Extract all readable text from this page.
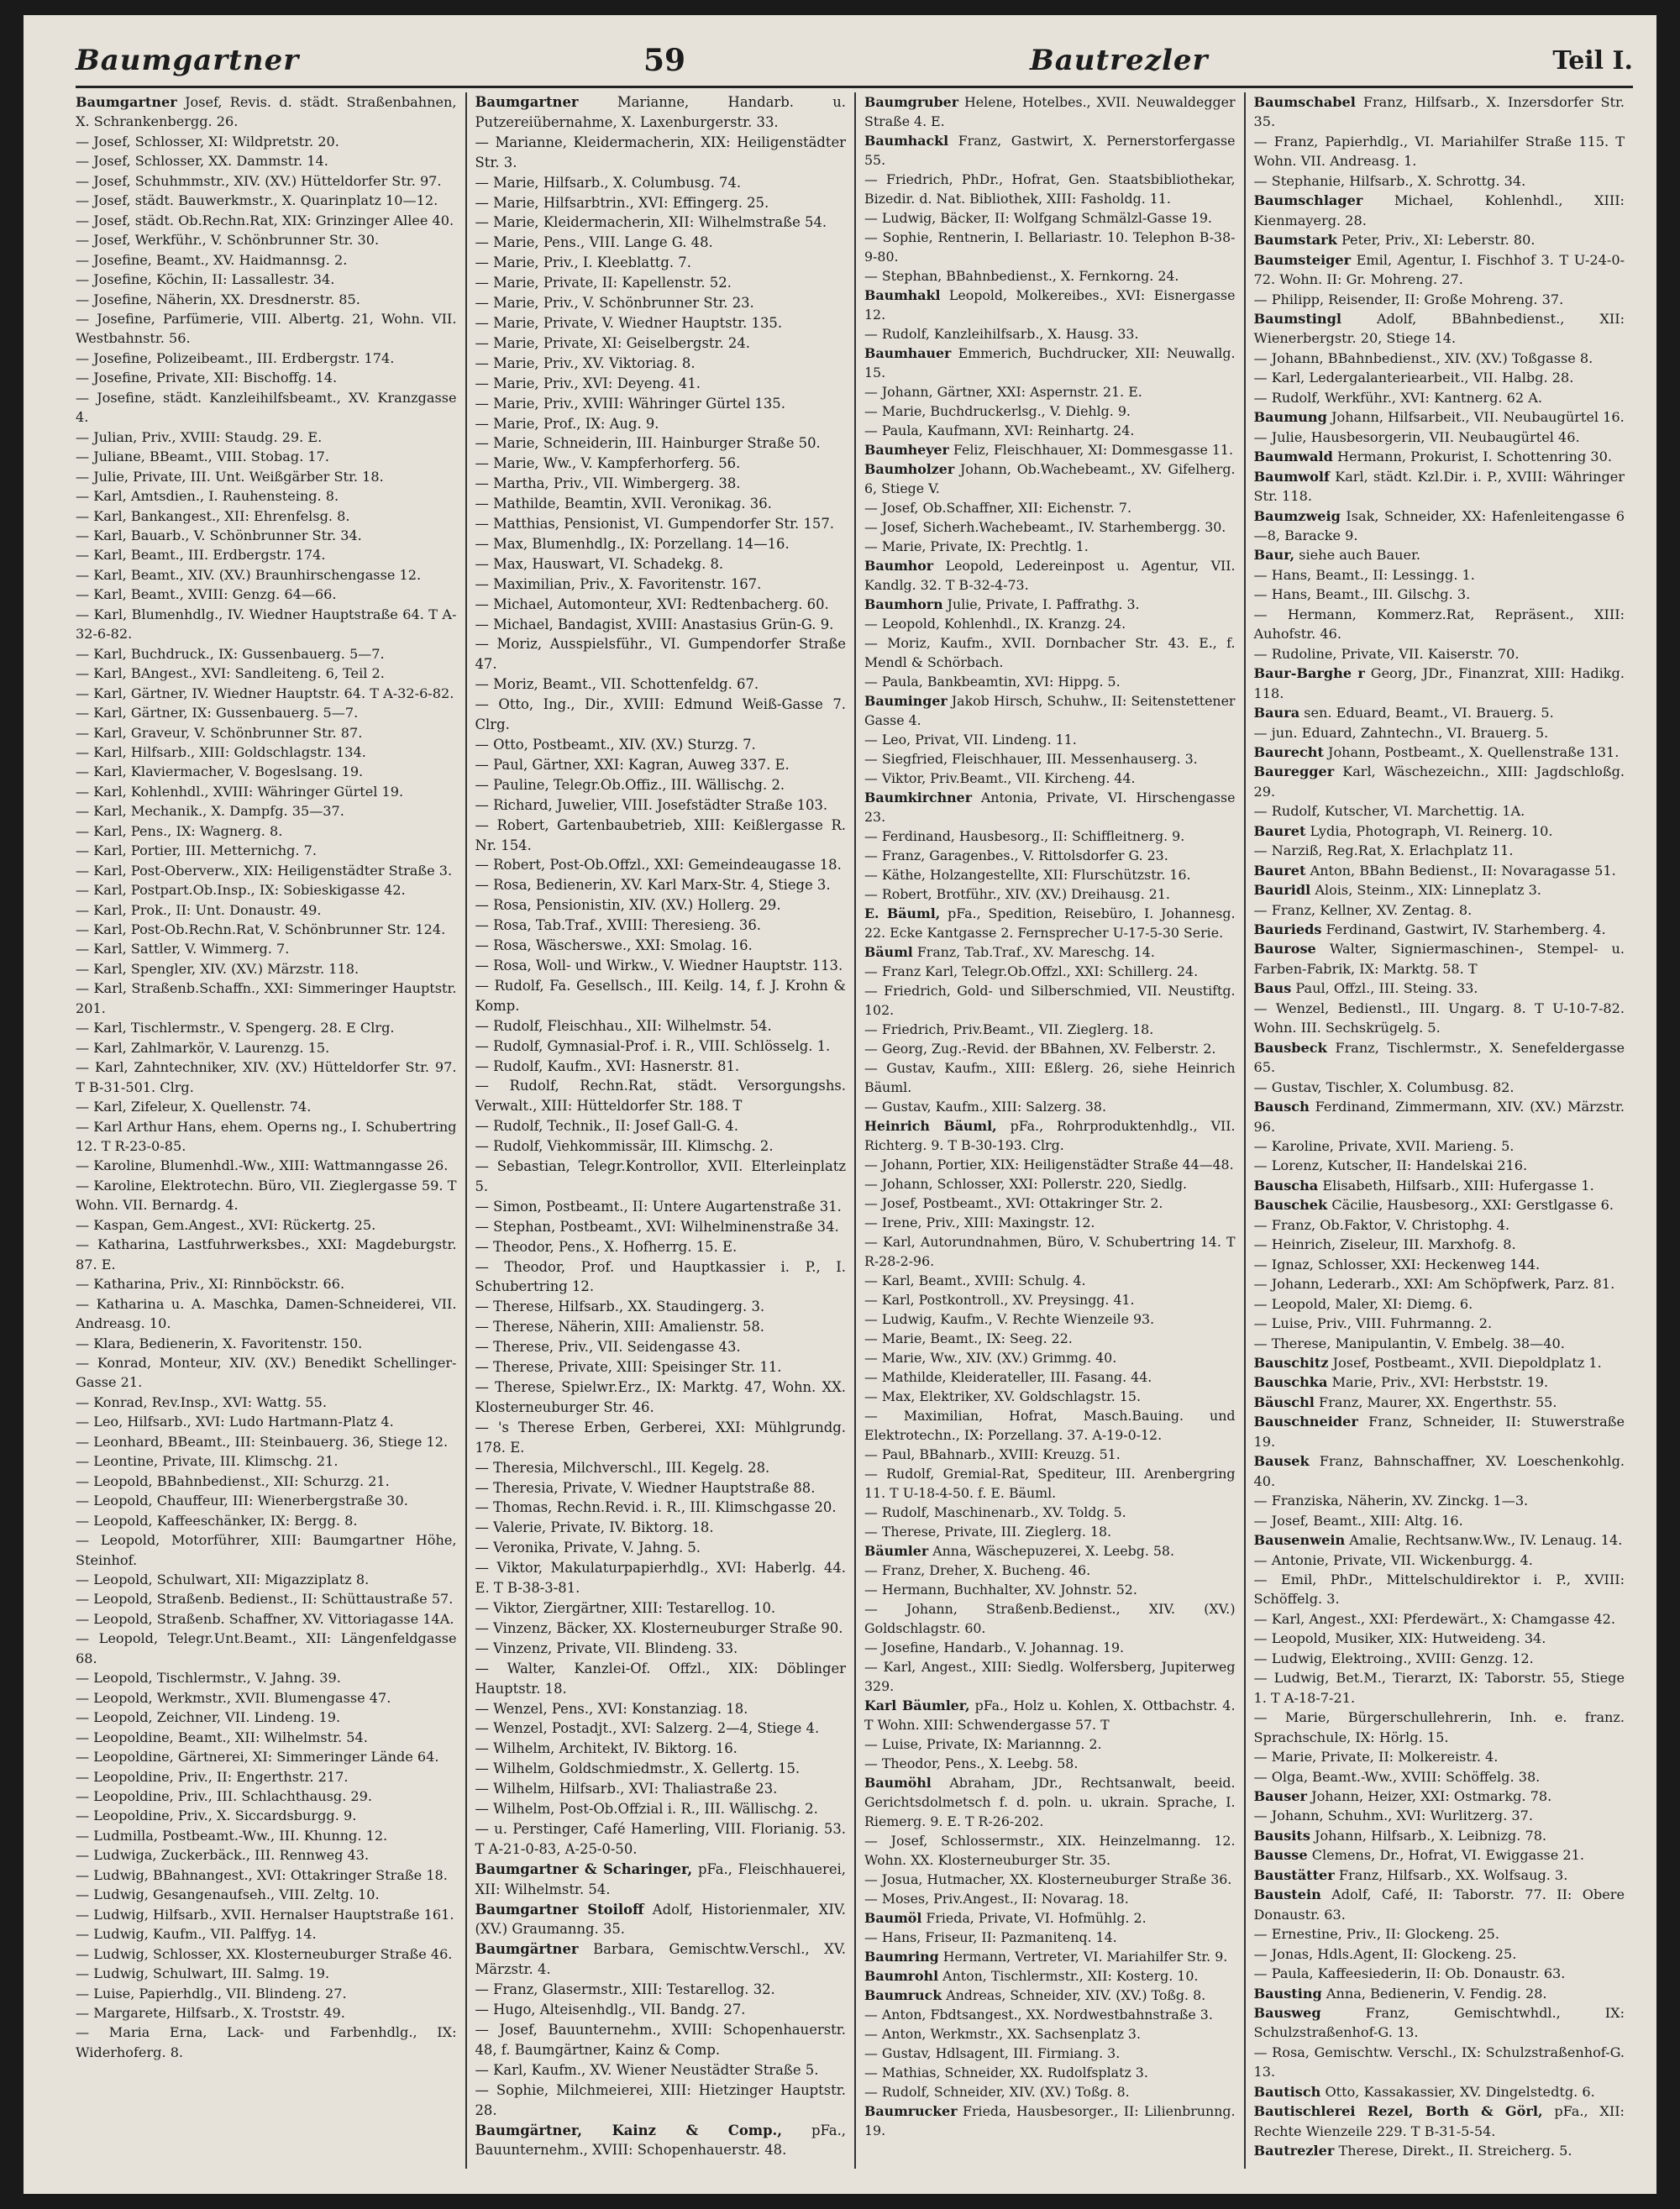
Baumgartner	59	Bautrezler	Teil I.

Baumgartner Josef, Revis. d. städt. Straßenbahnen, X. Schrankenbergg. 26.

— Josef, Schlosser, XI: Wildpretstr. 20.

— Josef, Schlosser, XX. Dammstr. 14.

— Josef, Schuhmmstr., XIV. (XV.) Hütteldorfer Str. 97.

— Josef, städt. Bauwerkmstr., X. Quarinplatz 10—12.

— Josef, städt. Ob.Rechn.Rat, XIX: Grinzinger Allee 40.

— Josef, Werkführ., V. Schönbrunner Str. 30.

— Josefine, Beamt., XV. Haidmannsg. 2.

— Josefine, Köchin, II: Lassallestr. 34.

— Josefine, Näherin, XX. Dresdnerstr. 85.

— Josefine, Parfümerie, VIII. Albertg. 21, Wohn. VII. Westbahnstr. 56.

— Josefine, Polizeibeamt., III. Erdbergstr. 174.

— Josefine, Private, XII: Bischoffg. 14.

— Josefine, städt. Kanzleihilfsbeamt., XV. Kranzgasse 4.

— Julian, Priv., XVIII: Staudg. 29. E.

— Juliane, BBeamt., VIII. Stobag. 17.

— Julie, Private, III. Unt. Weißgärber Str. 18.

— Karl, Amtsdien., I. Rauhensteing. 8.

— Karl, Bankangest., XII: Ehrenfelsg. 8.

— Karl, Bauarb., V. Schönbrunner Str. 34.

— Karl, Beamt., III. Erdbergstr. 174.

— Karl, Beamt., XIV. (XV.) Braunhirschengasse 12.

— Karl, Beamt., XVIII: Genzg. 64—66.

— Karl, Blumenhdlg., IV. Wiedner Hauptstraße 64. T A-32-6-82.

— Karl, Buchdruck., IX: Gussenbauerg. 5—7.

— Karl, BAngest., XVI: Sandleiteng. 6, Teil 2.

— Karl, Gärtner, IV. Wiedner Hauptstr. 64. T A-32-6-82.

— Karl, Gärtner, IX: Gussenbauerg. 5—7.

— Karl, Graveur, V. Schönbrunner Str. 87.

— Karl, Hilfsarb., XIII: Goldschlagstr. 134.

— Karl, Klaviermacher, V. Bogeslsang. 19.

— Karl, Kohlenhdl., XVIII: Währinger Gürtel 19.

— Karl, Mechanik., X. Dampfg. 35—37.

— Karl, Pens., IX: Wagnerg. 8.

— Karl, Portier, III. Metternichg. 7.

— Karl, Post-Oberverw., XIX: Heiligenstädter Straße 3.

— Karl, Postpart.Ob.Insp., IX: Sobieskigasse 42.

— Karl, Prok., II: Unt. Donaustr. 49.

— Karl, Post-Ob.Rechn.Rat, V. Schönbrunner Str. 124.

— Karl, Sattler, V. Wimmerg. 7.

— Karl, Spengler, XIV. (XV.) Märzstr. 118.

— Karl, Straßenb.Schaffn., XXI: Simmeringer Hauptstr. 201.

— Karl, Tischlermstr., V. Spengerg. 28. E Clrg.

— Karl, Zahlmarkör, V. Laurenzg. 15.

— Karl, Zahntechniker, XIV. (XV.) Hütteldorfer Str. 97. T B-31-501. Clrg.

— Karl, Zifeleur, X. Quellenstr. 74.

— Karl Arthur Hans, ehem. Operns ng., I. Schubertring 12. T R-23-0-85.

— Karoline, Blumenhdl.-Ww., XIII: Wattmanngasse 26.

— Karoline, Elektrotechn. Büro, VII. Zieglergasse 59. T Wohn. VII. Bernardg. 4.

— Kaspan, Gem.Angest., XVI: Rückertg. 25.

— Katharina, Lastfuhrwerksbes., XXI: Magdeburgstr. 87. E.

— Katharina, Priv., XI: Rinnböckstr. 66.

— Katharina u. A. Maschka, Damen-Schneiderei, VII. Andreasg. 10.

— Klara, Bedienerin, X. Favoritenstr. 150.

— Konrad, Monteur, XIV. (XV.) Benedikt Schellinger-Gasse 21.

— Konrad, Rev.Insp., XVI: Wattg. 55.

— Leo, Hilfsarb., XVI: Ludo Hartmann-Platz 4.

— Leonhard, BBeamt., III: Steinbauerg. 36, Stiege 12.

— Leontine, Private, III. Klimschg. 21.

— Leopold, BBahnbedienst., XII: Schurzg. 21.

— Leopold, Chauffeur, III: Wienerbergstraße 30.

— Leopold, Kaffeeschänker, IX: Bergg. 8.

— Leopold, Motorführer, XIII: Baumgartner Höhe, Steinhof.

— Leopold, Schulwart, XII: Migazziplatz 8.

— Leopold, Straßenb. Bedienst., II: Schüttaustraße 57.

— Leopold, Straßenb. Schaffner, XV. Vittoriagasse 14A.

— Leopold, Telegr.Unt.Beamt., XII: Längenfeldgasse 68.

— Leopold, Tischlermstr., V. Jahng. 39.

— Leopold, Werkmstr., XVII. Blumengasse 47.

— Leopold, Zeichner, VII. Lindeng. 19.

— Leopoldine, Beamt., XII: Wilhelmstr. 54.

— Leopoldine, Gärtnerei, XI: Simmeringer Lände 64.

— Leopoldine, Priv., II: Engerthstr. 217.

— Leopoldine, Priv., III. Schlachthausg. 29.

— Leopoldine, Priv., X. Siccardsburgg. 9.

— Ludmilla, Postbeamt.-Ww., III. Khunng. 12.

— Ludwiga, Zuckerbäck., III. Rennweg 43.

— Ludwig, BBahnangest., XVI: Ottakringer Straße 18.

— Ludwig, Gesangenaufseh., VIII. Zeltg. 10.

— Ludwig, Hilfsarb., XVII. Hernalser Hauptstraße 161.

— Ludwig, Kaufm., VII. Palffyg. 14.

— Ludwig, Schlosser, XX. Klosterneuburger Straße 46.

— Ludwig, Schulwart, III. Salmg. 19.

— Luise, Papierhdlg., VII. Blindeng. 27.

— Margarete, Hilfsarb., X. Troststr. 49.

— Maria Erna, Lack- und Farbenhdlg., IX: Widerhoferg. 8.

Baumgartner	Marianne, Handarb. u. Putzereiübernahme, X. Laxenburgerstr. 33.

— Marianne, Kleidermacherin, XIX: Heiligenstädter Str. 3.

— Marie, Hilfsarb., X. Columbusg. 74.

— Marie, Hilfsarbtrin., XVI: Effingerg. 25.

— Marie, Kleidermacherin, XII: Wilhelmstraße 54.

— Marie, Pens., VIII. Lange G. 48.

— Marie, Priv., I. Kleeblattg. 7.

— Marie, Private, II: Kapellenstr. 52.

— Marie, Priv., V. Schönbrunner Str. 23.

— Marie, Private, V. Wiedner Hauptstr. 135.

— Marie, Private, XI: Geiselbergstr. 24.

— Marie, Priv., XV. Viktoriag. 8.

— Marie, Priv., XVI: Deyeng. 41.

— Marie, Priv., XVIII: Währinger Gürtel 135.

— Marie, Prof., IX: Aug. 9.

— Marie, Schneiderin, III. Hainburger Straße 50.

— Marie, Ww., V. Kampferhorferg. 56.

— Martha, Priv., VII. Wimbergerg. 38.

— Mathilde, Beamtin, XVII. Veronikag. 36.

— Matthias, Pensionist, VI. Gumpendorfer Str. 157.

— Max, Blumenhdlg., IX: Porzellang. 14—16.

— Max, Hauswart, VI. Schadekg. 8.

— Maximilian, Priv., X. Favoritenstr. 167.

— Michael, Automonteur, XVI: Redtenbacherg. 60.

— Michael, Bandagist, XVIII: Anastasius Grün-G. 9.

— Moriz, Ausspielsführ., VI. Gumpendorfer Straße 47.

— Moriz, Beamt., VII. Schottenfeldg. 67.

— Otto, Ing., Dir., XVIII: Edmund Weiß-Gasse 7. Clrg.

— Otto, Postbeamt., XIV. (XV.) Sturzg. 7.

— Paul, Gärtner, XXI: Kagran, Auweg 337. E.

— Pauline, Telegr.Ob.Offiz., III. Wällischg. 2.

— Richard, Juwelier, VIII. Josefstädter Straße 103.

— Robert, Gartenbaubetrieb, XIII: Keißlergasse R. Nr. 154.

— Robert, Post-Ob.Offzl., XXI: Gemeindeaugasse 18.

— Rosa, Bedienerin, XV. Karl Marx-Str. 4, Stiege 3.

— Rosa, Pensionistin, XIV. (XV.) Hollerg. 29.

— Rosa, Tab.Traf., XVIII: Theresieng. 36.

— Rosa, Wäscherswe., XXI: Smolag. 16.

— Rosa, Woll- und Wirkw., V. Wiedner Hauptstr. 113.

— Rudolf, Fa. Gesellsch., III. Keilg. 14, f. J. Krohn & Komp.

— Rudolf, Fleischhau., XII: Wilhelmstr. 54.

— Rudolf, Gymnasial-Prof. i. R., VIII. Schlösselg. 1.

— Rudolf, Kaufm., XVI: Hasnerstr. 81.

— Rudolf, Rechn.Rat, städt. Versorgungshs. Verwalt., XIII: Hütteldorfer Str. 188. T

— Rudolf, Technik., II: Josef Gall-G. 4.

— Rudolf, Viehkommissär, III. Klimschg. 2.

— Sebastian, Telegr.Kontrollor, XVII. Elterleinplatz 5.

— Simon, Postbeamt., II: Untere Augartenstraße 31.

— Stephan, Postbeamt., XVI: Wilhelminenstraße 34.

— Theodor, Pens., X. Hofherrg. 15. E.

— Theodor, Prof. und Hauptkassier i. P., I. Schubertring 12.

— Therese, Hilfsarb., XX. Staudingerg. 3.

— Therese, Näherin, XIII: Amalienstr. 58.

— Therese, Priv., VII. Seidengasse 43.

— Therese, Private, XIII: Speisinger Str. 11.

— Therese, Spielwr.Erz., IX: Marktg. 47, Wohn. XX. Klosterneuburger Str. 46.

— 's Therese Erben, Gerberei, XXI: Mühlgrundg. 178. E.

— Theresia, Milchverschl., III. Kegelg. 28.

— Theresia, Private, V. Wiedner Hauptstraße 88.

— Thomas, Rechn.Revid. i. R., III. Klimschgasse 20.

— Valerie, Private, IV. Biktorg. 18.

— Veronika, Private, V. Jahng. 5.

— Viktor, Makulaturpapierhdlg., XVI: Haberlg. 44. E. T B-38-3-81.

— Viktor, Ziergärtner, XIII: Testarellog. 10.

— Vinzenz, Bäcker, XX. Klosterneuburger Straße 90.

— Vinzenz, Private, VII. Blindeng. 33.

— Walter, Kanzlei-Of. Offzl., XIX: Döblinger Hauptstr. 18.

— Wenzel, Pens., XVI: Konstanziag. 18.

— Wenzel, Postadjt., XVI: Salzerg. 2—4, Stiege 4.

— Wilhelm, Architekt, IV. Biktorg. 16.

— Wilhelm, Goldschmiedmstr., X. Gellertg. 15.

— Wilhelm, Hilfsarb., XVI: Thaliastraße 23.

— Wilhelm, Post-Ob.Offzial i. R., III. Wällischg. 2.

— u. Perstinger, Café Hamerling, VIII. Florianig. 53. T A-21-0-83, A-25-0-50.

Baumgartner & Scharinger, pFa., Fleischhauerei, XII: Wilhelmstr. 54.

Baumgartner Stoiloff Adolf, Historienmaler, XIV. (XV.) Graumanng. 35.

Baumgärtner Barbara, Gemischtw.Verschl., XV. Märzstr. 4.

— Franz, Glasermstr., XIII: Testarellog. 32.

— Hugo, Alteisenhdlg., VII. Bandg. 27.

— Josef, Bauunternehm., XVIII: Schopenhauerstr. 48, f. Baumgärtner, Kainz & Comp.

— Karl, Kaufm., XV. Wiener Neustädter Straße 5.

— Sophie, Milchmeierei, XIII: Hietzinger Hauptstr. 28.

Baumgärtner, Kainz & Comp., pFa., Bauunternehm., XVIII: Schopenhauerstr. 48.

Baumgruber Helene, Hotelbes., XVII. Neuwaldegger Straße 4. E.

Baumhackl Franz, Gastwirt, X. Pernerstorfergasse 55.

— Friedrich, PhDr., Hofrat, Gen. Staatsbibliothekar, Bizedir. d. Nat. Bibliothek, XIII: Fasholdg. 11.

— Ludwig, Bäcker, II: Wolfgang Schmälzl-Gasse 19.

— Sophie, Rentnerin, I. Bellariastr. 10. Telephon B-38-9-80.

— Stephan, BBahnbedienst., X. Fernkorng. 24.

Baumhakl Leopold, Molkereibes., XVI: Eisnergasse 12.

— Rudolf, Kanzleihilfsarb., X. Hausg. 33.

Baumhauer Emmerich, Buchdrucker, XII: Neuwallg. 15.

— Johann, Gärtner, XXI: Aspernstr. 21. E.

— Marie, Buchdruckerlsg., V. Diehlg. 9.

— Paula, Kaufmann, XVI: Reinhartg. 24.

Baumheyer Feliz, Fleischhauer, XI: Dommesgasse 11.

Baumholzer Johann, Ob.Wachebeamt., XV. Gifelherg. 6, Stiege V.

— Josef, Ob.Schaffner, XII: Eichenstr. 7.

— Josef, Sicherh.Wachebeamt., IV. Starhembergg. 30.

— Marie, Private, IX: Prechtlg. 1.

Baumhor Leopold, Ledereinpost u. Agentur, VII. Kandlg. 32. T B-32-4-73.

Baumhorn Julie, Private, I. Paffrathg. 3.

— Leopold, Kohlenhdl., IX. Kranzg. 24.

— Moriz, Kaufm., XVII. Dornbacher Str. 43. E., f. Mendl & Schörbach.

— Paula, Bankbeamtin, XVI: Hippg. 5.

Bauminger Jakob Hirsch, Schuhw., II: Seitenstettener Gasse 4.

— Leo, Privat, VII. Lindeng. 11.

— Siegfried, Fleischhauer, III. Messenhauserg. 3.

— Viktor, Priv.Beamt., VII. Kircheng. 44.

Baumkirchner Antonia, Private, VI. Hirschengasse 23.

— Ferdinand, Hausbesorg., II: Schiffleitnerg. 9.

— Franz, Garagenbes., V. Rittolsdorfer G. 23.

— Käthe, Holzangestellte, XII: Flurschützstr. 16.

— Robert, Brotführ., XIV. (XV.) Dreihausg. 21.

E. Bäuml, pFa., Spedition, Reisebüro, I. Johannesg. 22. Ecke Kantgasse 2. Fernsprecher U-17-5-30 Serie.

Bäuml Franz, Tab.Traf., XV. Mareschg. 14.

— Franz Karl, Telegr.Ob.Offzl., XXI: Schillerg. 24.

— Friedrich, Gold- und Silberschmied, VII. Neustiftg. 102.

— Friedrich, Priv.Beamt., VII. Zieglerg. 18.

— Georg, Zug.-Revid. der BBahnen, XV. Felberstr. 2.

— Gustav, Kaufm., XIII: Eßlerg. 26, siehe Heinrich Bäuml.

— Gustav, Kaufm., XIII: Salzerg. 38.

Heinrich Bäuml, pFa., Rohrproduktenhdlg., VII. Richterg. 9. T B-30-193. Clrg.

— Johann, Portier, XIX: Heiligenstädter Straße 44—48.

— Johann, Schlosser, XXI: Pollerstr. 220, Siedlg.

— Josef, Postbeamt., XVI: Ottakringer Str. 2.

— Irene, Priv., XIII: Maxingstr. 12.

— Karl, Autorundnahmen, Büro, V. Schubertring 14. T R-28-2-96.

— Karl, Beamt., XVIII: Schulg. 4.

— Karl, Postkontroll., XV. Preysingg. 41.

— Ludwig, Kaufm., V. Rechte Wienzeile 93.

— Marie, Beamt., IX: Seeg. 22.

— Marie, Ww., XIV. (XV.) Grimmg. 40.

— Mathilde, Kleiderateller, III. Fasang. 44.

— Max, Elektriker, XV. Goldschlagstr. 15.

— Maximilian, Hofrat, Masch.Bauing. und Elektrotechn., IX: Porzellang. 37. A-19-0-12.

— Paul, BBahnarb., XVIII: Kreuzg. 51.

— Rudolf, Gremial-Rat, Spediteur, III. Arenbergring 11. T U-18-4-50. f. E. Bäuml.

— Rudolf, Maschinenarb., XV. Toldg. 5.

— Therese, Private, III. Zieglerg. 18.

Bäumler Anna, Wäschepuzerei, X. Leebg. 58.

— Franz, Dreher, X. Bucheng. 46.

— Hermann, Buchhalter, XV. Johnstr. 52.

— Johann, Straßenb.Bedienst., XIV. (XV.) Goldschlagstr. 60.

— Josefine, Handarb., V. Johannag. 19.

— Karl, Angest., XIII: Siedlg. Wolfersberg, Jupiterweg 329.

Karl Bäumler, pFa., Holz u. Kohlen, X. Ottbachstr. 4. T Wohn. XIII: Schwendergasse 57. T

— Luise, Private, IX: Mariannng. 2.

— Theodor, Pens., X. Leebg. 58.

Baumöhl Abraham, JDr., Rechtsanwalt, beeid. Gerichtsdolmetsch f. d. poln. u. ukrain. Sprache, I. Riemerg. 9. E. T R-26-202.

— Josef, Schlossermstr., XIX. Heinzelmanng. 12. Wohn. XX. Klosterneuburger Str. 35.

— Josua, Hutmacher, XX. Klosterneuburger Straße 36.

— Moses, Priv.Angest., II: Novarag. 18.

Baumöl Frieda, Private, VI. Hofmühlg. 2.

— Hans, Friseur, II: Pazmanitenq. 14.

Baumring Hermann, Vertreter, VI. Mariahilfer Str. 9.

Baumrohl Anton, Tischlermstr., XII: Kosterg. 10.

Baumruck Andreas, Schneider, XIV. (XV.) Toßg. 8.

— Anton, Fbdtsangest., XX. Nordwestbahnstraße 3.

— Anton, Werkmstr., XX. Sachsenplatz 3.

— Gustav, Hdlsagent, III. Firmiang. 3.

— Mathias, Schneider, XX. Rudolfsplatz 3.

— Rudolf, Schneider, XIV. (XV.) Toßg. 8.

Baumrucker Frieda, Hausbesorger., II: Lilienbrunng. 19.

Baumschabel Franz, Hilfsarb., X. Inzersdorfer Str. 35.

— Franz, Papierhdlg., VI. Mariahilfer Straße 115. T Wohn. VII. Andreasg. 1.

— Stephanie, Hilfsarb., X. Schrottg. 34.

Baumschlager Michael, Kohlenhdl., XIII: Kienmayerg. 28.

Baumstark Peter, Priv., XI: Leberstr. 80.

Baumsteiger Emil, Agentur, I. Fischhof 3. T U-24-0-72. Wohn. II: Gr. Mohreng. 27.

— Philipp, Reisender, II: Große Mohreng. 37.

Baumstingl	Adolf, BBahnbedienst., XII: Wienerbergstr. 20, Stiege 14.

— Johann, BBahnbedienst., XIV. (XV.) Toßgasse 8.

— Karl, Ledergalanteriearbeit., VII. Halbg. 28.

— Rudolf, Werkführ., XVI: Kantnerg. 62 A.

Baumung Johann, Hilfsarbeit., VII. Neubaugürtel 16.

— Julie, Hausbesorgerin, VII. Neubaugürtel 46.

Baumwald Hermann, Prokurist, I. Schottenring 30.

Baumwolf Karl, städt. Kzl.Dir. i. P., XVIII: Währinger Str. 118.

Baumzweig Isak, Schneider, XX: Hafenleitengasse 6—8, Baracke 9.

Baur, siehe auch Bauer.

— Hans, Beamt., II: Lessingg. 1.

— Hans, Beamt., III. Gilschg. 3.

— Hermann, Kommerz.Rat, Repräsent., XIII: Auhofstr. 46.

— Rudoline, Private, VII. Kaiserstr. 70.

Baur-Barghe r Georg, JDr., Finanzrat, XIII: Hadikg. 118.

Baura sen. Eduard, Beamt., VI. Brauerg. 5.

— jun. Eduard, Zahntechn., VI. Brauerg. 5.

Baurecht Johann, Postbeamt., X. Quellenstraße 131.

Bauregger Karl, Wäschezeichn., XIII: Jagdschloßg. 29.

— Rudolf, Kutscher, VI. Marchettig. 1A.

Bauret Lydia, Photograph, VI. Reinerg. 10.

— Narziß, Reg.Rat, X. Erlachplatz 11.

Bauret Anton, BBahn Bedienst., II: Novaragasse 51.

Bauridl Alois, Steinm., XIX: Linneplatz 3.

— Franz, Kellner, XV. Zentag. 8.

Baurieds Ferdinand, Gastwirt, IV. Starhemberg. 4.

Baurose Walter, Signiermaschinen-, Stempel- u. Farben-Fabrik, IX: Marktg. 58. T

Baus Paul, Offzl., III. Steing. 33.

— Wenzel, Bedienstl., III. Ungarg. 8. T U-10-7-82. Wohn. III. Sechskrügelg. 5.

Bausbeck Franz, Tischlermstr., X. Senefeldergasse 65.

— Gustav, Tischler, X. Columbusg. 82.

Bausch Ferdinand, Zimmermann, XIV. (XV.) Märzstr. 96.

— Karoline, Private, XVII. Marieng. 5.

— Lorenz, Kutscher, II: Handelskai 216.

Bauscha Elisabeth, Hilfsarb., XIII: Hufergasse 1.

Bauschek Cäcilie, Hausbesorg., XXI: Gerstlgasse 6.

— Franz, Ob.Faktor, V. Christophg. 4.

— Heinrich, Ziseleur, III. Marxhofg. 8.

— Ignaz, Schlosser, XXI: Heckenweg 144.

— Johann, Lederarb., XXI: Am Schöpfwerk, Parz. 81.

— Leopold, Maler, XI: Diemg. 6.

— Luise, Priv., VIII. Fuhrmanng. 2.

— Therese, Manipulantin, V. Embelg. 38—40.

Bauschitz Josef, Postbeamt., XVII. Diepoldplatz 1.

Bauschka Marie, Priv., XVI: Herbststr. 19.

Bäuschl Franz, Maurer, XX. Engerthstr. 55.

Bauschneider Franz, Schneider, II: Stuwerstraße 19.

Bausek Franz, Bahnschaffner, XV. Loeschenkohlg. 40.

— Franziska, Näherin, XV. Zinckg. 1—3.

— Josef, Beamt., XIII: Altg. 16.

Bausenwein Amalie, Rechtsanw.Ww., IV. Lenaug. 14.

— Antonie, Private, VII. Wickenburgg. 4.

— Emil, PhDr., Mittelschuldirektor i. P., XVIII: Schöffelg. 3.

— Karl, Angest., XXI: Pferdewärt., X: Chamgasse 42.

— Leopold, Musiker, XIX: Hutweideng. 34.

— Ludwig, Elektroing., XVIII: Genzg. 12.

— Ludwig, Bet.M., Tierarzt, IX: Taborstr. 55, Stiege 1. T A-18-7-21.

— Marie, Bürgerschullehrerin, Inh. e. franz. Sprachschule, IX: Hörlg. 15.

— Marie, Private, II: Molkereistr. 4.

— Olga, Beamt.-Ww., XVIII: Schöffelg. 38.

Bauser Johann, Heizer, XXI: Ostmarkg. 78.

— Johann, Schuhm., XVI: Wurlitzerg. 37.

Bausits Johann, Hilfsarb., X. Leibnizg. 78.

Bausse Clemens, Dr., Hofrat, VI. Ewiggasse 21.

Baustätter Franz, Hilfsarb., XX. Wolfsaug. 3.

Baustein Adolf, Café, II: Taborstr. 77. II: Obere Donaustr. 63.

— Ernestine, Priv., II: Glockeng. 25.

— Jonas, Hdls.Agent, II: Glockeng. 25.

— Paula, Kaffeesiederin, II: Ob. Donaustr. 63.

Bausting Anna, Bedienerin, V. Fendig. 28.

Bausweg	Franz, Gemischtwhdl., IX: Schulzstraßenhof-G. 13.

— Rosa, Gemischtw. Verschl., IX: Schulzstraßenhof-G. 13.

Bautisch Otto, Kassakassier, XV. Dingelstedtg. 6.

Bautischlerei Rezel, Borth & Görl, pFa., XII: Rechte Wienzeile 229. T B-31-5-54.

Bautrezler Therese, Direkt., II. Streicherg. 5.
